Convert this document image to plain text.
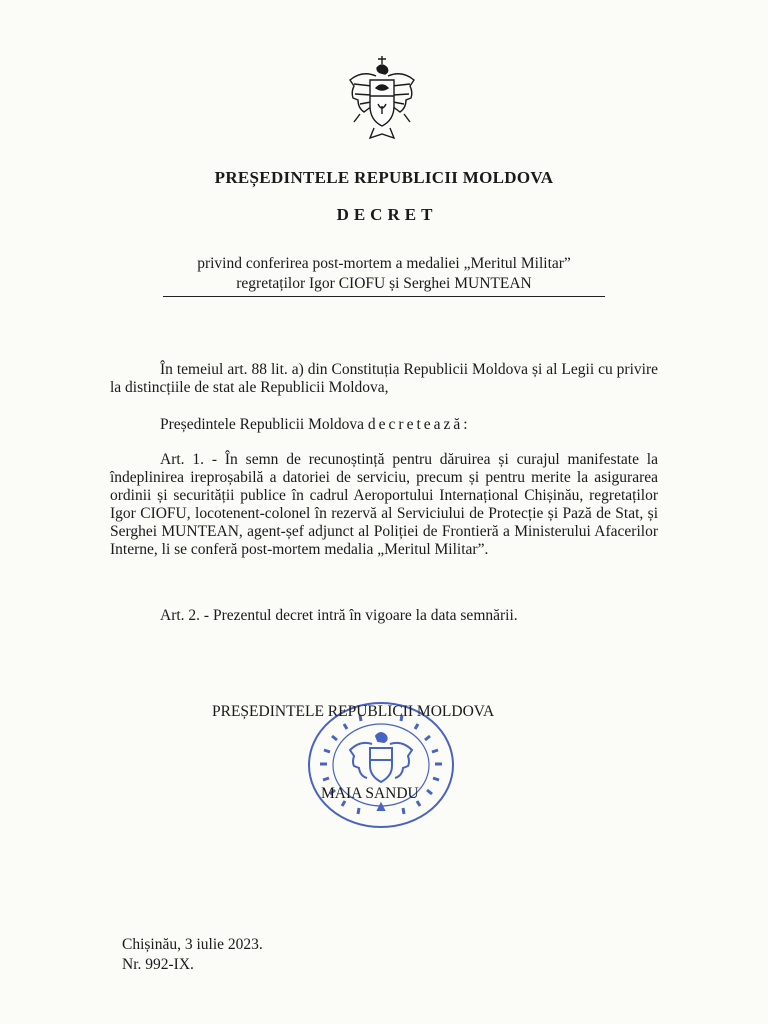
PREȘEDINTELE REPUBLICII MOLDOVA
DECRET
privind conferirea post-mortem a medaliei „Meritul Militar”
regretaților Igor CIOFU și Serghei MUNTEAN
În temeiul art. 88 lit. a) din Constituția Republicii Moldova și al Legii cu privire la distincțiile de stat ale Republicii Moldova,
Președintele Republicii Moldova decretează:
Art. 1. - În semn de recunoștință pentru dăruirea și curajul manifestate la îndeplinirea ireproșabilă a datoriei de serviciu, precum și pentru merite la asigurarea ordinii și securității publice în cadrul Aeroportului Internațional Chișinău, regretaților Igor CIOFU, locotenent-colonel în rezervă al Serviciului de Protecție și Pază de Stat, și Serghei MUNTEAN, agent-șef adjunct al Poliției de Frontieră a Ministerului Afacerilor Interne, li se conferă post-mortem medalia „Meritul Militar”.
Art. 2. - Prezentul decret intră în vigoare la data semnării.
PREȘEDINTELE REPUBLICII MOLDOVA
MAIA SANDU
Chișinău, 3 iulie 2023.
Nr. 992-IX.
